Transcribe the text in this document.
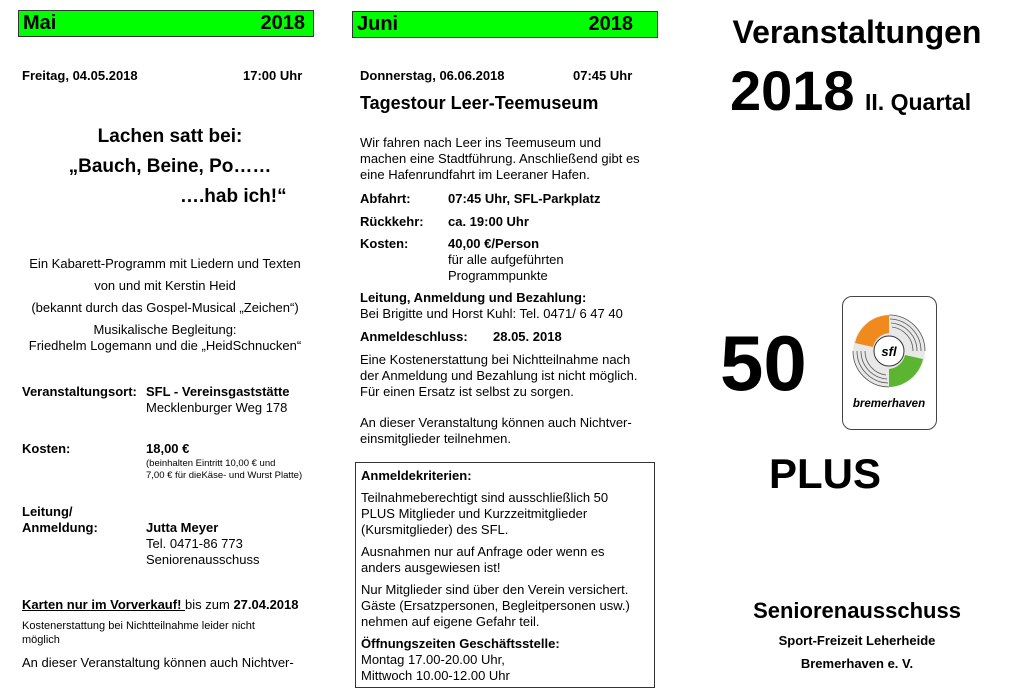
Mai	2018
Freitag, 04.05.2018	17:00 Uhr
Lachen satt bei:
„Bauch, Beine, Po……
….hab ich!“
Ein Kabarett-Programm mit Liedern und Texten
von und mit Kerstin Heid
(bekannt durch das Gospel-Musical „Zeichen“)
Musikalische Begleitung:
Friedhelm Logemann und die „HeidSchnucken“
Veranstaltungsort: SFL - Vereinsgaststätte
Mecklenburger Weg 178
Kosten:	18,00 €
(beinhalten Eintritt 10,00 € und
7,00 € für dieKäse- und Wurst Platte)
Leitung/
Anmeldung:	Jutta Meyer
Tel. 0471-86 773
Seniorenausschuss
Karten nur im Vorverkauf! bis zum 27.04.2018
Kostenerstattung bei Nichtteilnahme leider nicht
möglich
An dieser Veranstaltung können auch Nichtver-
Juni	2018
Donnerstag, 06.06.2018	07:45 Uhr
Tagestour Leer-Teemuseum
Wir fahren nach Leer ins Teemuseum und
machen eine Stadtführung. Anschließend gibt es
eine Hafenrundfahrt im Leeraner Hafen.
Abfahrt:	07:45 Uhr, SFL-Parkplatz
Rückkehr: ca. 19:00 Uhr
Kosten:	40,00 €/Person
für alle aufgeführten
Programmpunkte
Leitung, Anmeldung und Bezahlung:
Bei Brigitte und Horst Kuhl: Tel. 0471/ 6 47 40
Anmeldeschluss: 28.05. 2018
Eine Kostenerstattung bei Nichtteilnahme nach
der Anmeldung und Bezahlung ist nicht möglich.
Für einen Ersatz ist selbst zu sorgen.
An dieser Veranstaltung können auch Nichtver-
einsmitglieder teilnehmen.
Anmeldekriterien:
Teilnahmeberechtigt sind ausschließlich 50
PLUS Mitglieder und Kurzzeitmitglieder
(Kursmitglieder) des SFL.
Ausnahmen nur auf Anfrage oder wenn es
anders ausgewiesen ist!
Nur Mitglieder sind über den Verein versichert.
Gäste (Ersatzpersonen, Begleitpersonen usw.)
nehmen auf eigene Gefahr teil.
Öffnungszeiten Geschäftsstelle:
Montag 17.00-20.00 Uhr,
Mittwoch 10.00-12.00 Uhr
Veranstaltungen
2018 II. Quartal
50	sfl
bremerhaven
PLUS
Seniorenausschuss
Sport-Freizeit Leherheide
Bremerhaven e. V.
